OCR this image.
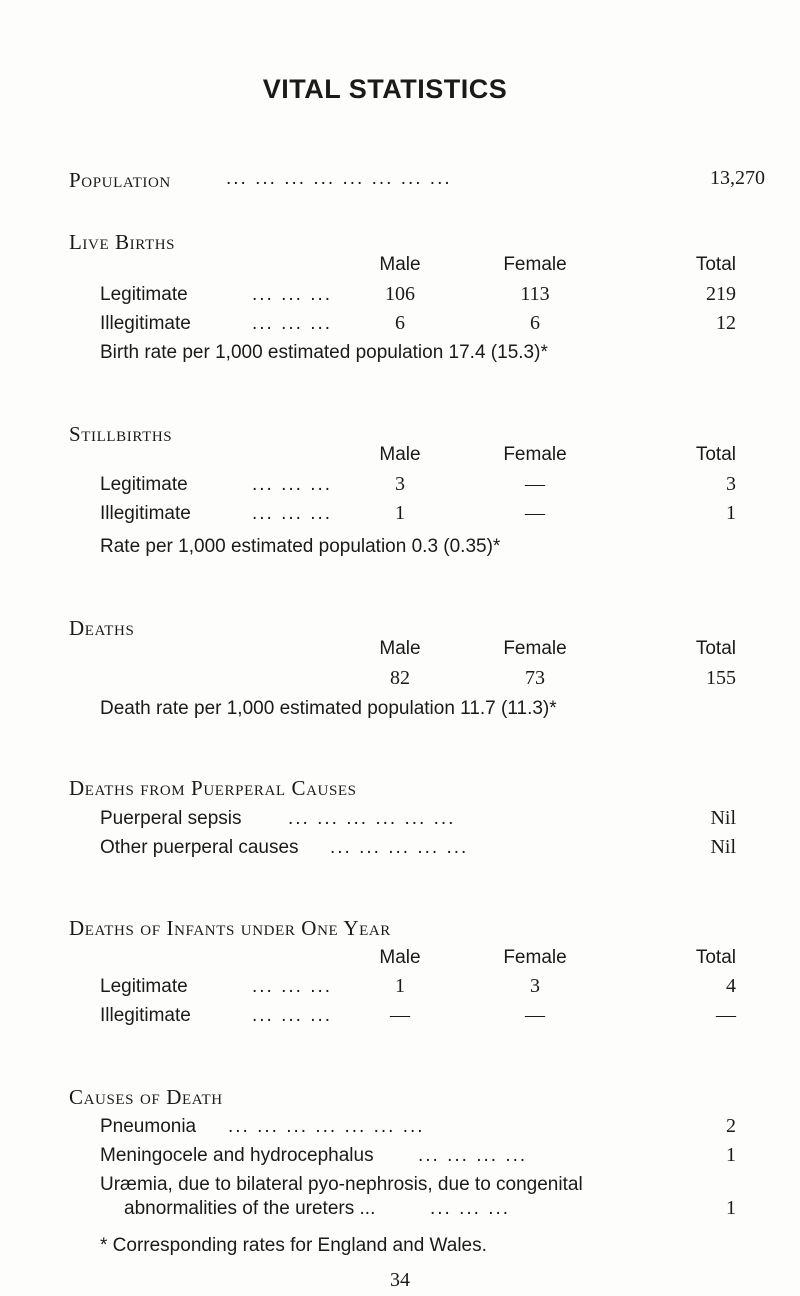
VITAL STATISTICS
Population	... ... ... ... ... ... ... ...	13,270
Live Births
Male	Female	Total
Legitimate	... ... ...	106	113	219
Illegitimate	... ... ...	6	6	12
Birth rate per 1,000 estimated population 17.4 (15.3)*
Stillbirths
Male	Female	Total
Legitimate	... ... ...	3	—	3
Illegitimate	... ... ...	1	—	1
Rate per 1,000 estimated population 0.3 (0.35)*
Deaths
Male	Female	Total
82	73	155
Death rate per 1,000 estimated population 11.7 (11.3)*
Deaths from Puerperal Causes
Puerperal sepsis ... ... ... ... ... ...	Nil
Other puerperal causes ... ... ... ... ...	Nil
Deaths of Infants under One Year
Male	Female	Total
Legitimate	... ... ...	1	3	4
Illegitimate	... ... ...	—	—	—
Causes of Death
Pneumonia ... ... ... ... ... ... ...	2
Meningocele and hydrocephalus ... ... ... ...	1
Uræmia, due to bilateral pyo-nephrosis, due to congenital
abnormalities of the ureters ...	... ... ...	1
* Corresponding rates for England and Wales.
34
